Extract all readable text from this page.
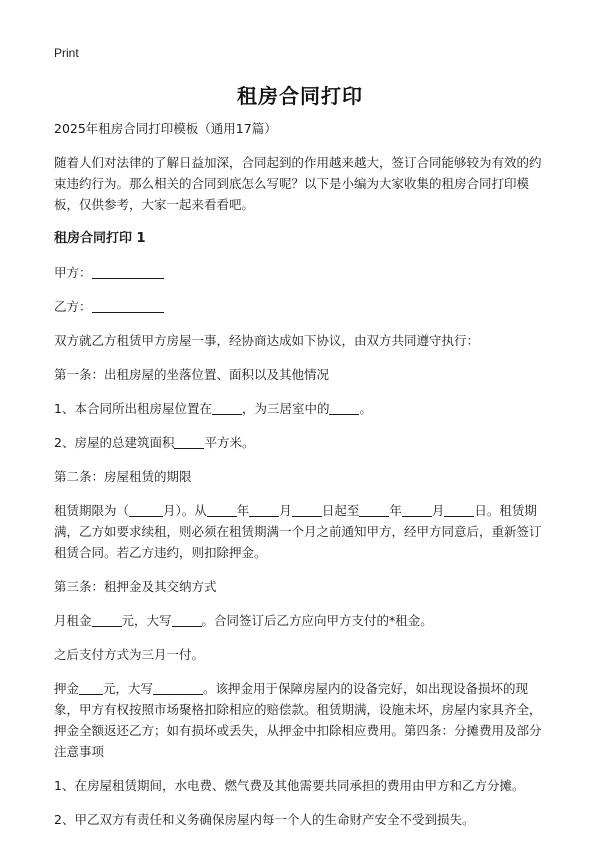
Print
租房合同打印

2025年租房合同打印模板（通用17篇）

随着人们对法律的了解日益加深，合同起到的作用越来越大，签订合同能够较为有效的约束违约行为。那么相关的合同到底怎么写呢？以下是小编为大家收集的租房合同打印模板，仅供参考，大家一起来看看吧。

租房合同打印 1

甲方：

乙方：

双方就乙方租赁甲方房屋一事，经协商达成如下协议，由双方共同遵守执行：

第一条：出租房屋的坐落位置、面积以及其他情况

1、本合同所出租房屋位置在 ，为三居室中的 。

2、房屋的总建筑面积 平方米。

第二条：房屋租赁的期限

租赁期限为（	月）。从 年 月 日起至 年 月 日。租赁期满，乙方如要求续租，则必须在租赁期满一个月之前通知甲方，经甲方同意后，重新签订租赁合同。若乙方违约，则扣除押金。

第三条：租押金及其交纳方式

月租金 元，大写 。合同签订后乙方应向甲方支付的*租金。

之后支付方式为三月一付。

押金 元，大写	。该押金用于保障房屋内的设备完好，如出现设备损坏的现象，甲方有权按照市场聚格扣除相应的赔偿款。租赁期满，设施未坏，房屋内家具齐全，押金全额返还乙方；如有损坏或丢失，从押金中扣除相应费用。第四条：分摊费用及部分注意事项

1、在房屋租赁期间，水电费、燃气费及其他需要共同承担的费用由甲方和乙方分摊。

2、甲乙双方有责任和义务确保房屋内每一个人的生命财产安全不受到损失。
